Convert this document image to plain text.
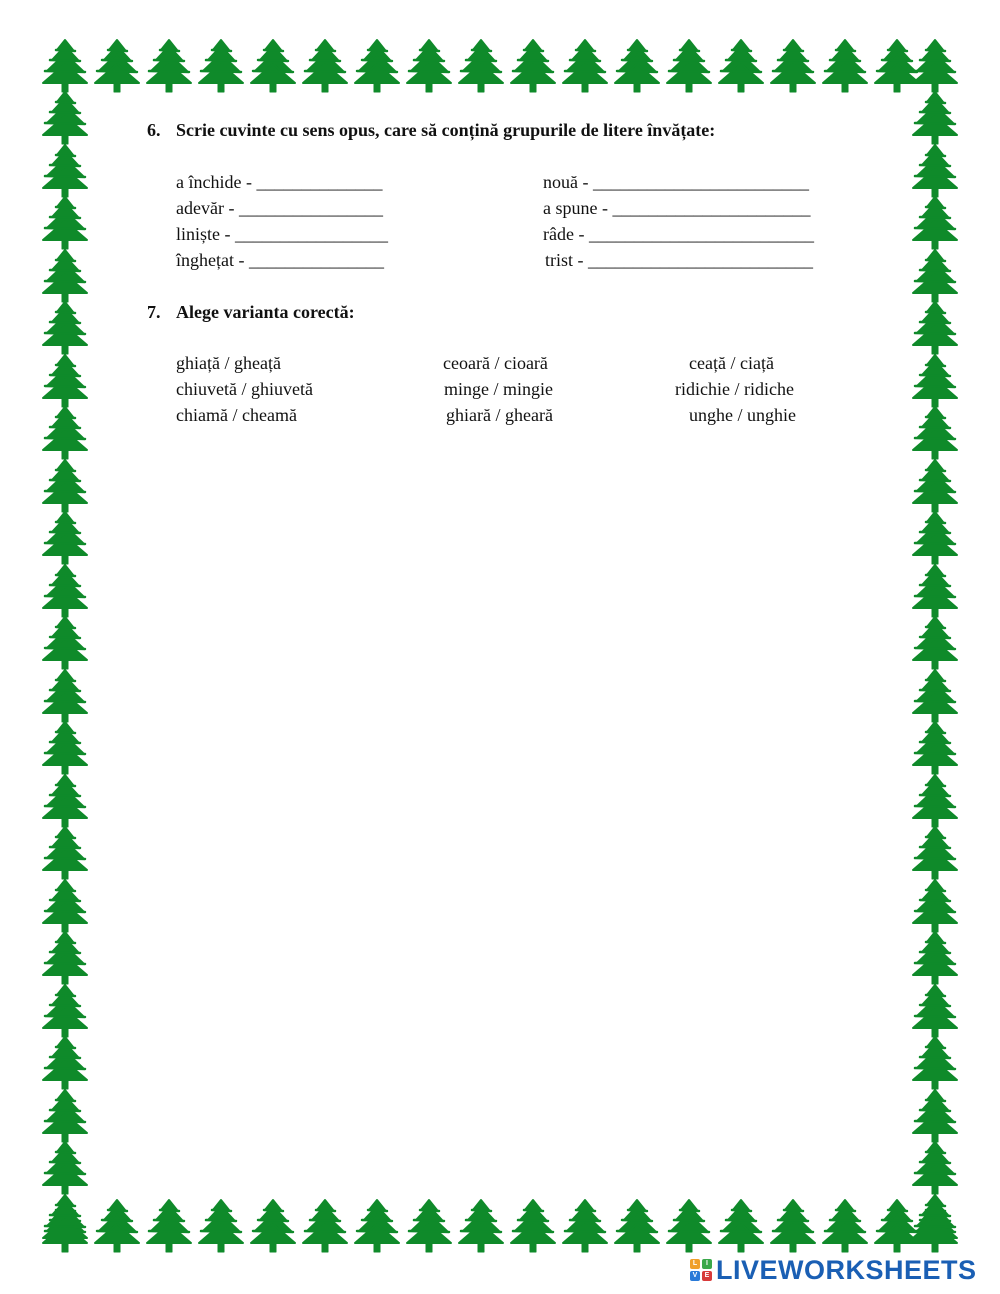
6. Scrie cuvinte cu sens opus, care să conțină grupurile de litere învățate:
a închide - ______________
adevăr - ________________
liniște - _________________
înghețat - _______________
nouă - ________________________
a spune - ______________________
râde - _________________________
trist - _________________________
7. Alege varianta corectă:
ghiață / gheață
chiuvetă / ghiuvetă
chiamă / cheamă
ceoară / cioară
minge / mingie
ghiară / gheară
ceață / ciață
ridichie / ridiche
unghe / unghie
L	I
V	E LIVEWORKSHEETS
